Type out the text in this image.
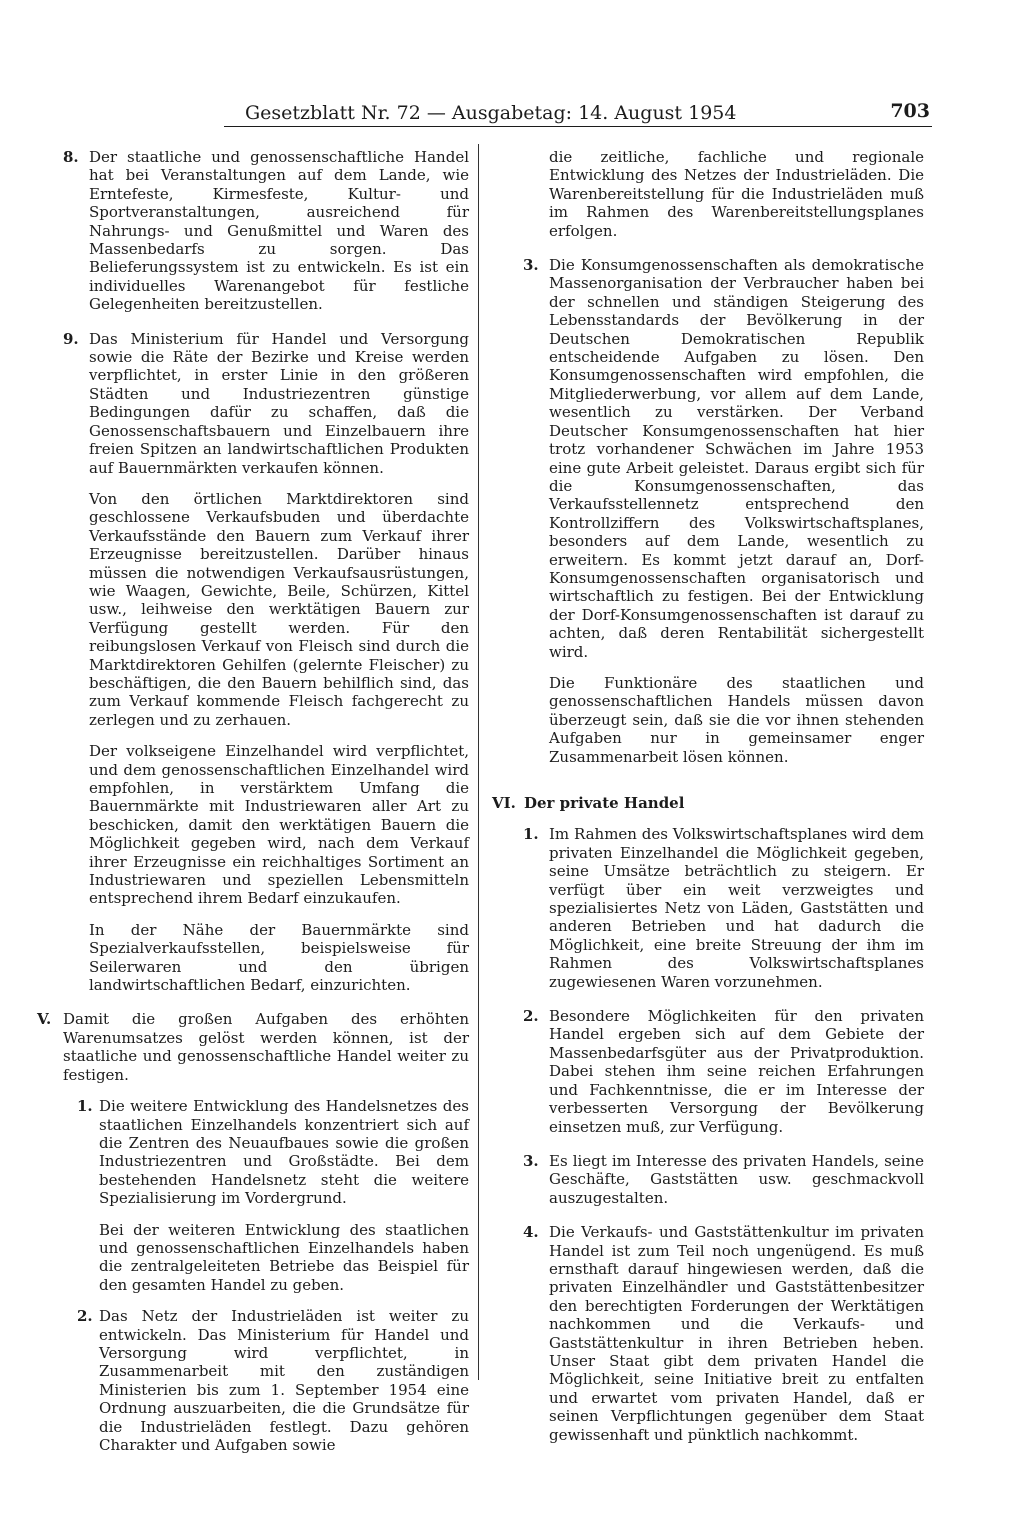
Gesetzblatt Nr. 72 — Ausgabetag: 14. August 1954	703
8. Der staatliche und genossenschaftliche Handel hat bei Veranstaltungen auf dem Lande, wie Erntefeste, Kirmesfeste, Kultur- und Sportveranstaltungen, ausreichend für Nahrungs- und Genußmittel und Waren des Massenbedarfs zu sorgen. Das Belieferungssystem ist zu entwickeln. Es ist ein individuelles Warenangebot für festliche Gelegenheiten bereitzustellen.

9. Das Ministerium für Handel und Versorgung sowie die Räte der Bezirke und Kreise werden verpflichtet, in erster Linie in den größeren Städten und Industriezentren günstige Bedingungen dafür zu schaffen, daß die Genossenschaftsbauern und Einzelbauern ihre freien Spitzen an landwirtschaftlichen Produkten auf Bauernmärkten verkaufen können.

Von den örtlichen Marktdirektoren sind geschlossene Verkaufsbuden und überdachte Verkaufsstände den Bauern zum Verkauf ihrer Erzeugnisse bereitzustellen. Darüber hinaus müssen die notwendigen Verkaufsausrüstungen, wie Waagen, Gewichte, Beile, Schürzen, Kittel usw., leihweise den werktätigen Bauern zur Verfügung gestellt werden. Für den reibungslosen Verkauf von Fleisch sind durch die Marktdirektoren Gehilfen (gelernte Fleischer) zu beschäftigen, die den Bauern behilflich sind, das zum Verkauf kommende Fleisch fachgerecht zu zerlegen und zu zerhauen.

Der volkseigene Einzelhandel wird verpflichtet, und dem genossenschaftlichen Einzelhandel wird empfohlen, in verstärktem Umfang die Bauernmärkte mit Industriewaren aller Art zu beschicken, damit den werktätigen Bauern die Möglichkeit gegeben wird, nach dem Verkauf ihrer Erzeugnisse ein reichhaltiges Sortiment an Industriewaren und speziellen Lebensmitteln entsprechend ihrem Bedarf einzukaufen.

In der Nähe der Bauernmärkte sind Spezialverkaufsstellen, beispielsweise für Seilerwaren und den übrigen landwirtschaftlichen Bedarf, einzurichten.

V. Damit die großen Aufgaben des erhöhten Warenumsatzes gelöst werden können, ist der staatliche und genossenschaftliche Handel weiter zu festigen.

1. Die weitere Entwicklung des Handelsnetzes des staatlichen Einzelhandels konzentriert sich auf die Zentren des Neuaufbaues sowie die großen Industriezentren und Großstädte. Bei dem bestehenden Handelsnetz steht die weitere Spezialisierung im Vordergrund.

Bei der weiteren Entwicklung des staatlichen und genossenschaftlichen Einzelhandels haben die zentralgeleiteten Betriebe das Beispiel für den gesamten Handel zu geben.

2. Das Netz der Industrieläden ist weiter zu entwickeln. Das Ministerium für Handel und Versorgung wird verpflichtet, in Zusammenarbeit mit den zuständigen Ministerien bis zum 1. September 1954 eine Ordnung auszuarbeiten, die die Grundsätze für die Industrieläden festlegt. Dazu gehören Charakter und Aufgaben sowie

die zeitliche, fachliche und regionale Entwicklung des Netzes der Industrieläden. Die Warenbereitstellung für die Industrieläden muß im Rahmen des Warenbereitstellungsplanes erfolgen.

3. Die Konsumgenossenschaften als demokratische Massenorganisation der Verbraucher haben bei der schnellen und ständigen Steigerung des Lebensstandards der Bevölkerung in der Deutschen Demokratischen Republik entscheidende Aufgaben zu lösen. Den Konsumgenossenschaften wird empfohlen, die Mitgliederwerbung, vor allem auf dem Lande, wesentlich zu verstärken. Der Verband Deutscher Konsumgenossenschaften hat hier trotz vorhandener Schwächen im Jahre 1953 eine gute Arbeit geleistet. Daraus ergibt sich für die Konsumgenossenschaften, das Verkaufsstellennetz entsprechend den Kontrollziffern des Volkswirtschaftsplanes, besonders auf dem Lande, wesentlich zu erweitern. Es kommt jetzt darauf an, Dorf-Konsumgenossenschaften organisatorisch und wirtschaftlich zu festigen. Bei der Entwicklung der Dorf-Konsumgenossenschaften ist darauf zu achten, daß deren Rentabilität sichergestellt wird.

Die Funktionäre des staatlichen und genossenschaftlichen Handels müssen davon überzeugt sein, daß sie die vor ihnen stehenden Aufgaben nur in gemeinsamer enger Zusammenarbeit lösen können.

VI. Der private Handel
1. Im Rahmen des Volkswirtschaftsplanes wird dem privaten Einzelhandel die Möglichkeit gegeben, seine Umsätze beträchtlich zu steigern. Er verfügt über ein weit verzweigtes und spezialisiertes Netz von Läden, Gaststätten und anderen Betrieben und hat dadurch die Möglichkeit, eine breite Streuung der ihm im Rahmen des Volkswirtschaftsplanes zugewiesenen Waren vorzunehmen.

2. Besondere Möglichkeiten für den privaten Handel ergeben sich auf dem Gebiete der Massenbedarfsgüter aus der Privatproduktion. Dabei stehen ihm seine reichen Erfahrungen und Fachkenntnisse, die er im Interesse der verbesserten Versorgung der Bevölkerung einsetzen muß, zur Verfügung.

3. Es liegt im Interesse des privaten Handels, seine Geschäfte, Gaststätten usw. geschmackvoll auszugestalten.

4. Die Verkaufs- und Gaststättenkultur im privaten Handel ist zum Teil noch ungenügend. Es muß ernsthaft darauf hingewiesen werden, daß die privaten Einzelhändler und Gaststättenbesitzer den berechtigten Forderungen der Werktätigen nachkommen und die Verkaufs- und Gaststättenkultur in ihren Betrieben heben. Unser Staat gibt dem privaten Handel die Möglichkeit, seine Initiative breit zu entfalten und erwartet vom privaten Handel, daß er seinen Verpflichtungen gegenüber dem Staat gewissenhaft und pünktlich nachkommt.
